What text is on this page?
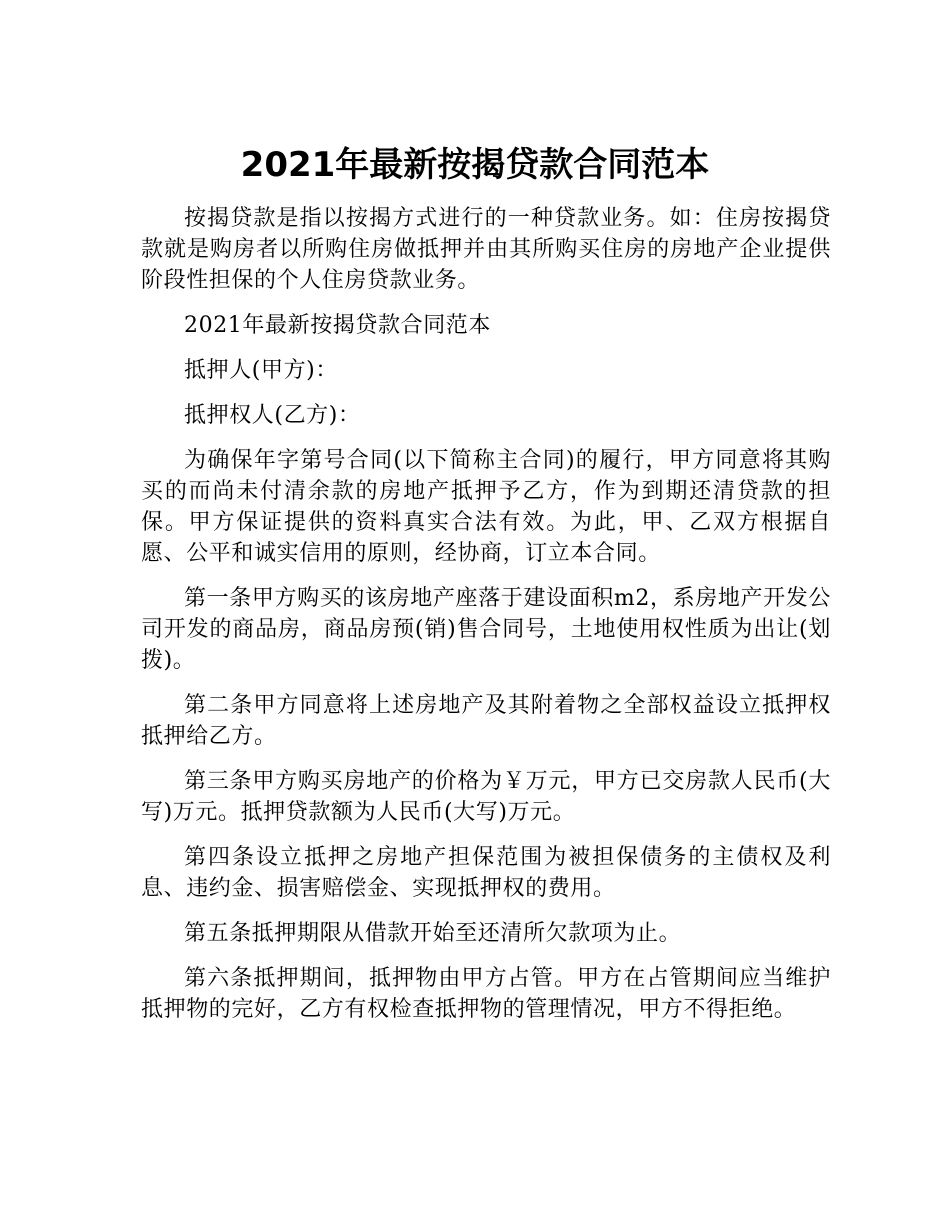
2021年最新按揭贷款合同范本

按揭贷款是指以按揭方式进行的一种贷款业务。如：住房按揭贷款就是购房者以所购住房做抵押并由其所购买住房的房地产企业提供阶段性担保的个人住房贷款业务。

2021年最新按揭贷款合同范本

抵押人(甲方)：

抵押权人(乙方)：

为确保年字第号合同(以下简称主合同)的履行，甲方同意将其购买的而尚未付清余款的房地产抵押予乙方，作为到期还清贷款的担保。甲方保证提供的资料真实合法有效。为此，甲、乙双方根据自愿、公平和诚实信用的原则，经协商，订立本合同。

第一条甲方购买的该房地产座落于建设面积m2，系房地产开发公司开发的商品房，商品房预(销)售合同号，土地使用权性质为出让(划拨)。

第二条甲方同意将上述房地产及其附着物之全部权益设立抵押权抵押给乙方。

第三条甲方购买房地产的价格为￥万元，甲方已交房款人民币(大写)万元。抵押贷款额为人民币(大写)万元。

第四条设立抵押之房地产担保范围为被担保债务的主债权及利息、违约金、损害赔偿金、实现抵押权的费用。

第五条抵押期限从借款开始至还清所欠款项为止。

第六条抵押期间，抵押物由甲方占管。甲方在占管期间应当维护抵押物的完好，乙方有权检查抵押物的管理情况，甲方不得拒绝。
